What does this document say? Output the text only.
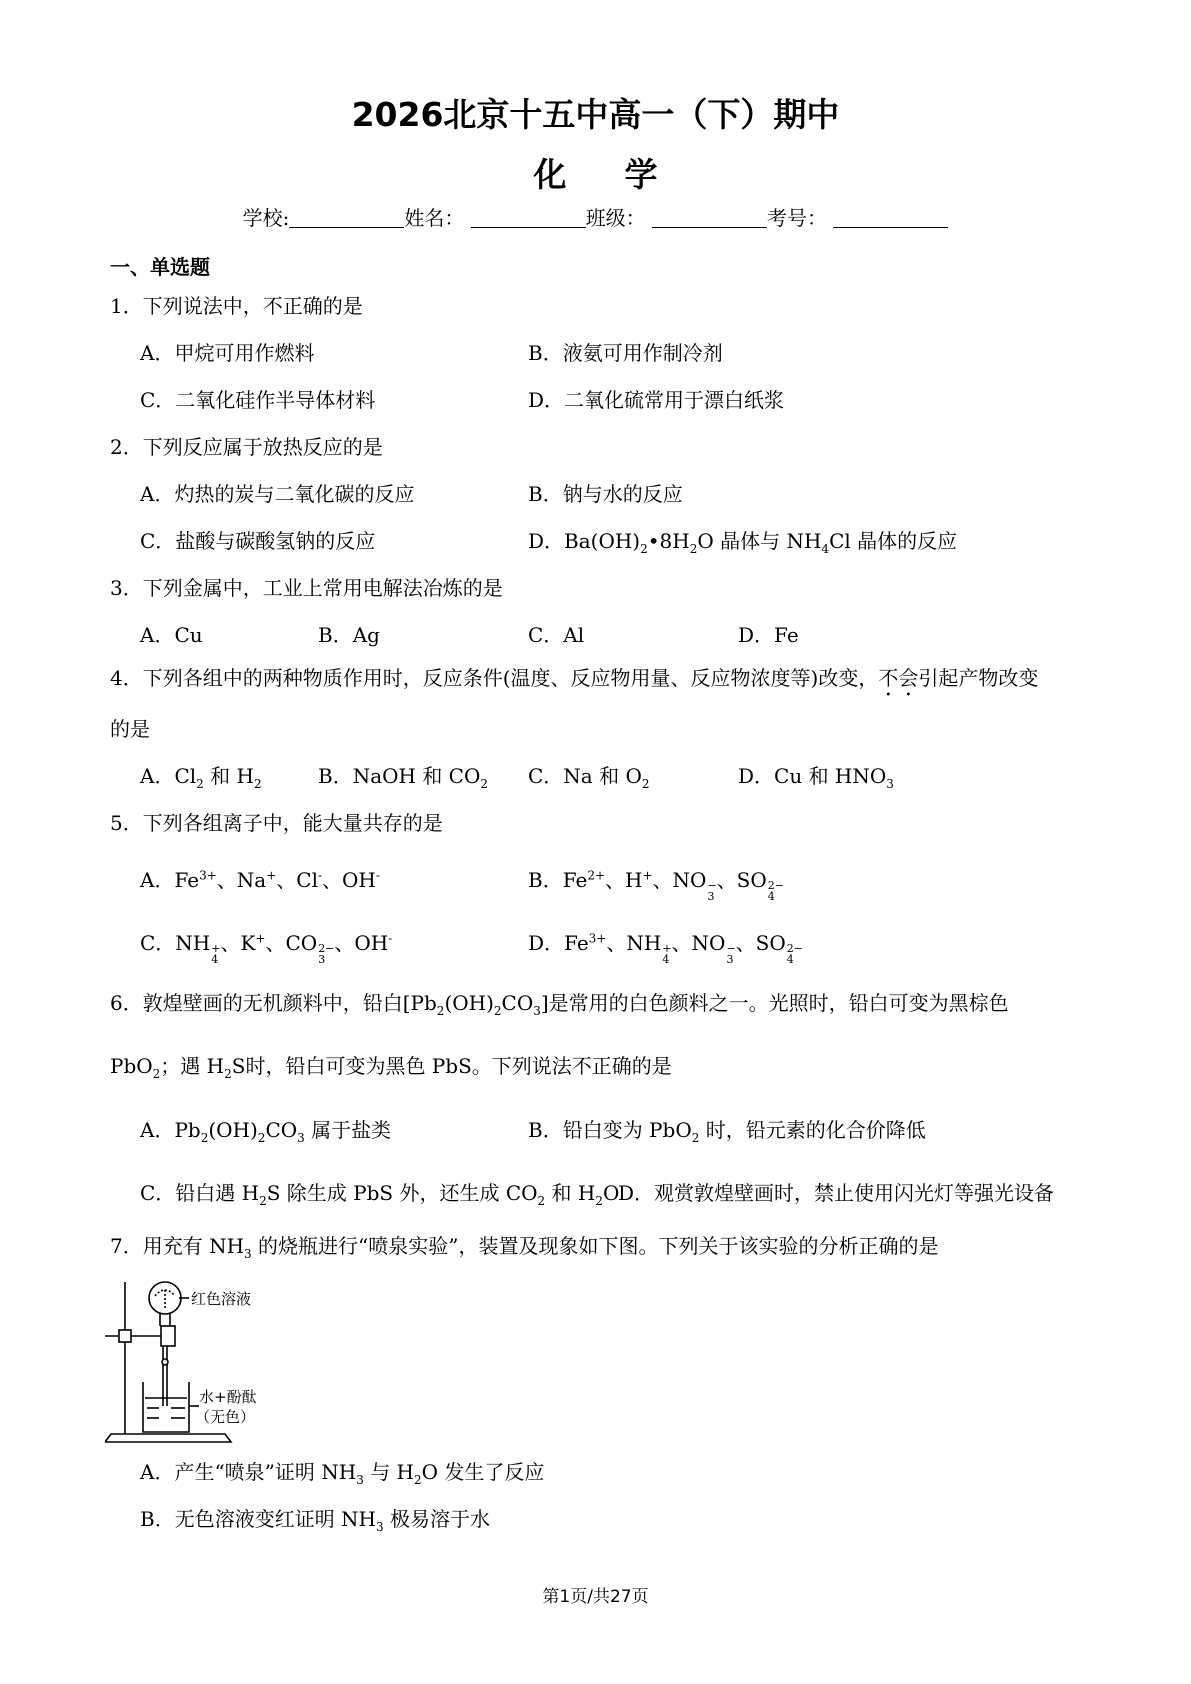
2026北京十五中高一（下）期中
化学
学校:	姓名：	班级：	考号：
一、单选题
1．下列说法中，不正确的是
A．甲烷可用作燃料	B．液氨可用作制冷剂
C．二氧化硅作半导体材料	D．二氧化硫常用于漂白纸浆
2．下列反应属于放热反应的是
A．灼热的炭与二氧化碳的反应	B．钠与水的反应
C．盐酸与碳酸氢钠的反应	D．$Ba(OH)_2•8H_2O$ 晶体与 $NH_4Cl$ 晶体的反应
3．下列金属中，工业上常用电解法冶炼的是
A．Cu	B．Ag	C．Al	D．Fe
4．下列各组中的两种物质作用时，反应条件(温度、反应物用量、反应物浓度等)改变，不会引起产物改变
的是
A．$Cl_2$ 和 $H_2$	B．NaOH 和 $CO_2$ C．Na 和 $O_2$	D．Cu 和 $HNO_3$
5．下列各组离子中，能大量共存的是
A．$Fe^{3+}$、Na+、Cl-、OH-	B．$Fe^{2+}$、H+、NO −
3
、SO 2−
4
C．NH +
4
、K+、CO 2−
3
、OH-	D．$Fe^{3+}$、NH +
4
、NO −
3
、SO 2−
4
6．敦煌壁画的无机颜料中，铅白$[Pb_2(OH)_2CO_3]$是常用的白色颜料之一。光照时，铅白可变为黑棕色
PbO$_2$；遇 $H_2S$时，铅白可变为黑色 PbS。下列说法不正确的是
A．$Pb_2(OH)_2CO_3$ 属于盐类	B．铅白变为 PbO$_2$ 时，铅元素的化合价降低
C．铅白遇 $H_2S$ 除生成 PbS 外，还生成 $CO_2$ 和 $H_2O$
D．观赏敦煌壁画时，禁止使用闪光灯等强光设备
7．用充有 $NH_3$ 的烧瓶进行“喷泉实验”，装置及现象如下图。下列关于该实验的分析正确的是
红色溶液
水+酚酞
（无色）
A．产生“喷泉”证明 $NH_3$ 与 $H_2O$ 发生了反应
B．无色溶液变红证明 $NH_3$ 极易溶于水
第1页/共27页
